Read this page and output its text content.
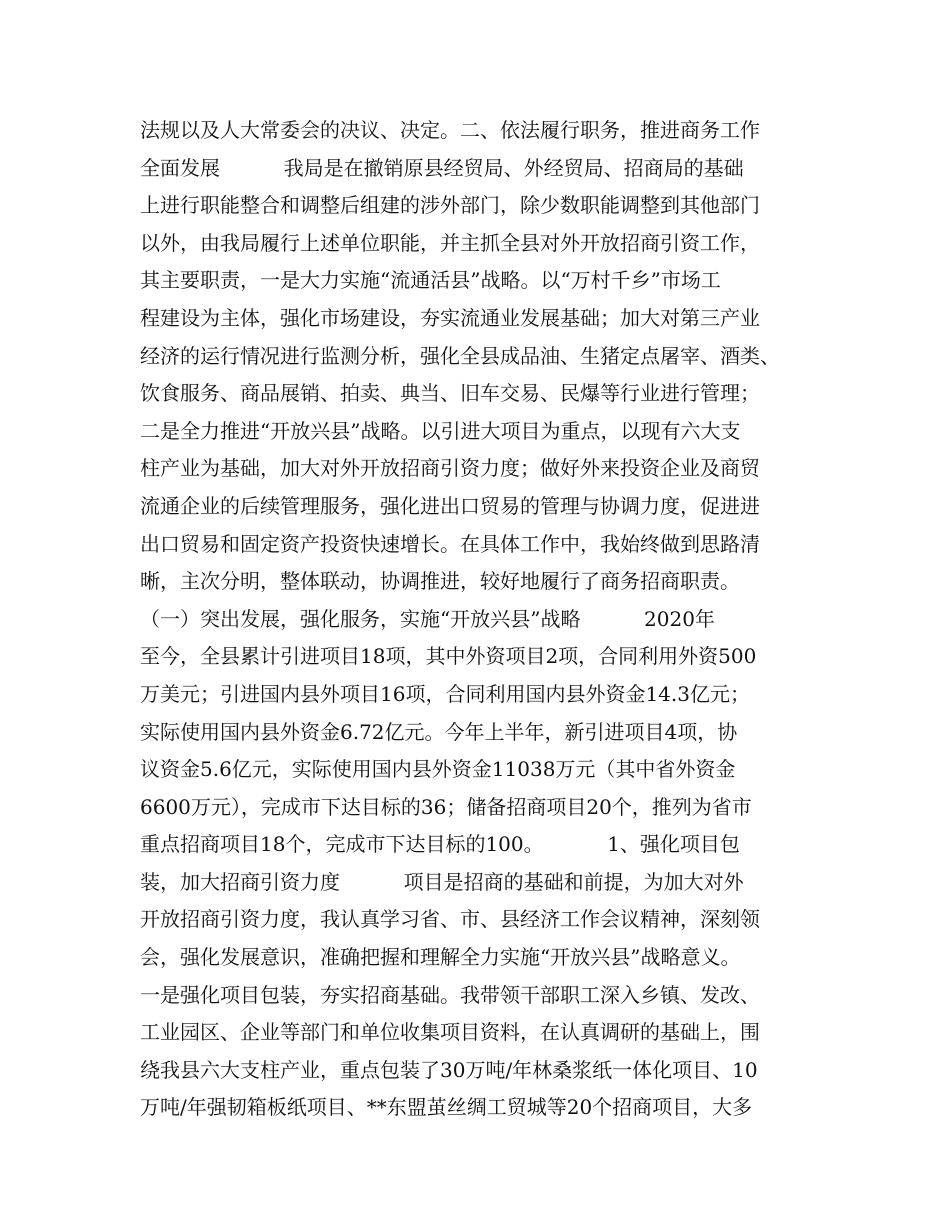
法规以及人大常委会的决议、决定。二、依法履行职务，推进商务工作
全面发展          我局是在撤销原县经贸局、外经贸局、招商局的基础
上进行职能整合和调整后组建的涉外部门，除少数职能调整到其他部门
以外，由我局履行上述单位职能，并主抓全县对外开放招商引资工作，
其主要职责，一是大力实施“流通活县”战略。以“万村千乡”市场工
程建设为主体，强化市场建设，夯实流通业发展基础；加大对第三产业
经济的运行情况进行监测分析，强化全县成品油、生猪定点屠宰、酒类、
饮食服务、商品展销、拍卖、典当、旧车交易、民爆等行业进行管理；
二是全力推进“开放兴县”战略。以引进大项目为重点，以现有六大支
柱产业为基础，加大对外开放招商引资力度；做好外来投资企业及商贸
流通企业的后续管理服务，强化进出口贸易的管理与协调力度，促进进
出口贸易和固定资产投资快速增长。在具体工作中，我始终做到思路清
晰，主次分明，整体联动，协调推进，较好地履行了商务招商职责。
（一）突出发展，强化服务，实施“开放兴县”战略          2020年
至今，全县累计引进项目18项，其中外资项目2项，合同利用外资500
万美元；引进国内县外项目16项，合同利用国内县外资金14.3亿元；
实际使用国内县外资金6.72亿元。今年上半年，新引进项目4项，协
议资金5.6亿元，实际使用国内县外资金11038万元（其中省外资金
6600万元），完成市下达目标的36；储备招商项目20个，推列为省市
重点招商项目18个，完成市下达目标的100。          1、强化项目包
装，加大招商引资力度          项目是招商的基础和前提，为加大对外
开放招商引资力度，我认真学习省、市、县经济工作会议精神，深刻领
会，强化发展意识，准确把握和理解全力实施“开放兴县”战略意义。
一是强化项目包装，夯实招商基础。我带领干部职工深入乡镇、发改、
工业园区、企业等部门和单位收集项目资料，在认真调研的基础上，围
绕我县六大支柱产业，重点包装了30万吨/年林桑浆纸一体化项目、10
万吨/年强韧箱板纸项目、**东盟茧丝绸工贸城等20个招商项目，大多
